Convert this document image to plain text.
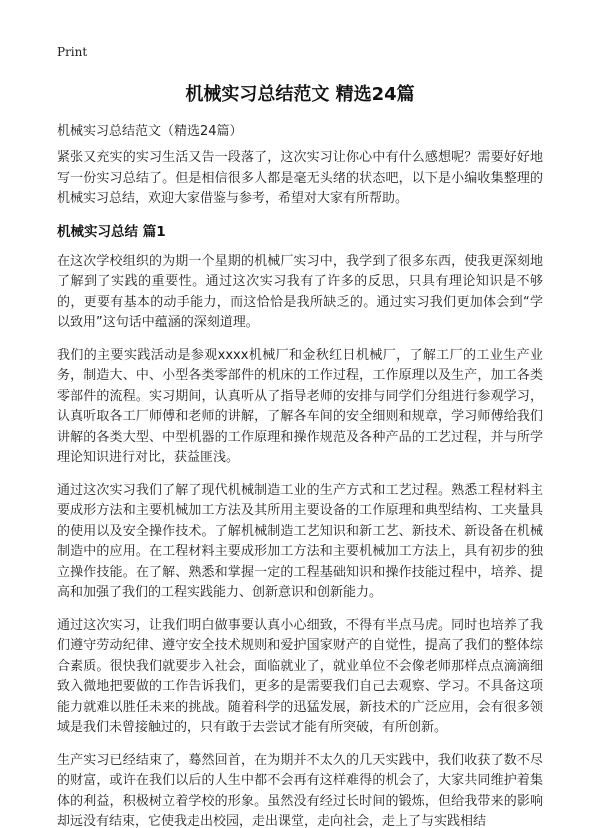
Print
机械实习总结范文 精选24篇
机械实习总结范文（精选24篇）

紧张又充实的实习生活又告一段落了，这次实习让你心中有什么感想呢？需要好好地写一份实习总结了。但是相信很多人都是毫无头绪的状态吧，以下是小编收集整理的机械实习总结，欢迎大家借鉴与参考，希望对大家有所帮助。

机械实习总结 篇1

在这次学校组织的为期一个星期的机械厂实习中，我学到了很多东西，使我更深刻地了解到了实践的重要性。通过这次实习我有了许多的反思，只具有理论知识是不够的，更要有基本的动手能力，而这恰恰是我所缺乏的。通过实习我们更加体会到“学以致用”这句话中蕴涵的深刻道理。

我们的主要实践活动是参观xxxx机械厂和金秋红日机械厂，了解工厂的工业生产业务，制造大、中、小型各类零部件的机床的工作过程，工作原理以及生产，加工各类零部件的流程。实习期间，认真听从了指导老师的安排与同学们分组进行参观学习，认真听取各工厂师傅和老师的讲解，了解各车间的安全细则和规章，学习师傅给我们讲解的各类大型、中型机器的工作原理和操作规范及各种产品的工艺过程，并与所学理论知识进行对比，获益匪浅。

通过这次实习我们了解了现代机械制造工业的生产方式和工艺过程。熟悉工程材料主要成形方法和主要机械加工方法及其所用主要设备的工作原理和典型结构、工夹量具的使用以及安全操作技术。了解机械制造工艺知识和新工艺、新技术、新设备在机械制造中的应用。在工程材料主要成形加工方法和主要机械加工方法上，具有初步的独立操作技能。在了解、熟悉和掌握一定的工程基础知识和操作技能过程中，培养、提高和加强了我们的工程实践能力、创新意识和创新能力。

通过这次实习，让我们明白做事要认真小心细致，不得有半点马虎。同时也培养了我们遵守劳动纪律、遵守安全技术规则和爱护国家财产的自觉性，提高了我们的整体综合素质。很快我们就要步入社会，面临就业了，就业单位不会像老师那样点点滴滴细致入微地把要做的工作告诉我们，更多的是需要我们自己去观察、学习。不具备这项能力就难以胜任未来的挑战。随着科学的迅猛发展，新技术的广泛应用，会有很多领域是我们未曾接触过的，只有敢于去尝试才能有所突破，有所创新。

生产实习已经结束了，蓦然回首，在为期并不太久的几天实践中，我们收获了数不尽的财富，或许在我们以后的人生中都不会再有这样难得的机会了，大家共同维护着集体的利益，积极树立着学校的形象。虽然没有经过长时间的锻炼，但给我带来的影响却远没有结束，它使我走出校园，走出课堂，走向社会，走上了与实践相结
